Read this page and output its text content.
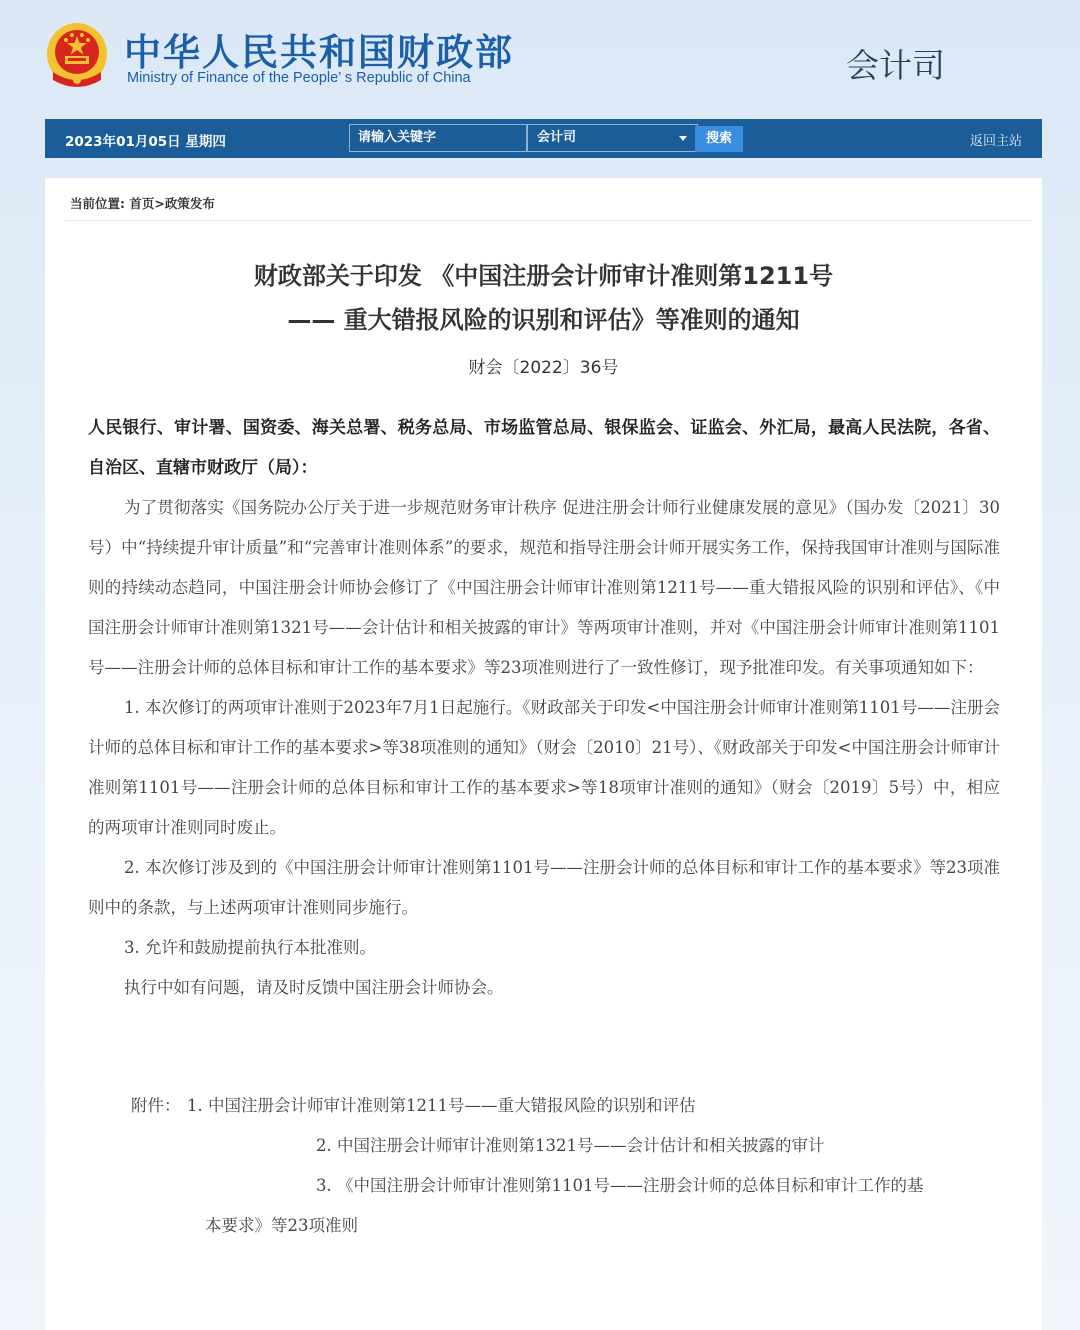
中华人民共和国财政部
Ministry of Finance of the People’ s Republic of China	会计司
2023年01月05日 星期四
请输入关键字	会计司	搜索	返回主站
当前位置: 首页>政策发布
财政部关于印发 《中国注册会计师审计准则第1211号
—— 重大错报风险的识别和评估》等准则的通知
财会〔2022〕36号

人民银行、审计署、国资委、海关总署、税务总局、市场监管总局、银保监会、证监会、外汇局，最高人民法院，各省、自治区、直辖市财政厅（局）：

为了贯彻落实《国务院办公厅关于进一步规范财务审计秩序 促进注册会计师行业健康发展的意见》（国办发〔2021〕30号）中“持续提升审计质量”和“完善审计准则体系”的要求，规范和指导注册会计师开展实务工作，保持我国审计准则与国际准则的持续动态趋同，中国注册会计师协会修订了《中国注册会计师审计准则第1211号——重大错报风险的识别和评估》、《中国注册会计师审计准则第1321号——会计估计和相关披露的审计》等两项审计准则，并对《中国注册会计师审计准则第1101号——注册会计师的总体目标和审计工作的基本要求》等23项准则进行了一致性修订，现予批准印发。有关事项通知如下：

1. 本次修订的两项审计准则于2023年7月1日起施行。《财政部关于印发<中国注册会计师审计准则第1101号——注册会计师的总体目标和审计工作的基本要求>等38项准则的通知》（财会〔2010〕21号）、《财政部关于印发<中国注册会计师审计准则第1101号——注册会计师的总体目标和审计工作的基本要求>等18项审计准则的通知》（财会〔2019〕5号）中，相应的两项审计准则同时废止。

2. 本次修订涉及到的《中国注册会计师审计准则第1101号——注册会计师的总体目标和审计工作的基本要求》等23项准则中的条款，与上述两项审计准则同步施行。

3. 允许和鼓励提前执行本批准则。

执行中如有问题，请及时反馈中国注册会计师协会。

附件： 1. 中国注册会计师审计准则第1211号——重大错报风险的识别和评估
2. 中国注册会计师审计准则第1321号——会计估计和相关披露的审计
3. 《中国注册会计师审计准则第1101号——注册会计师的总体目标和审计工作的基
本要求》等23项准则
